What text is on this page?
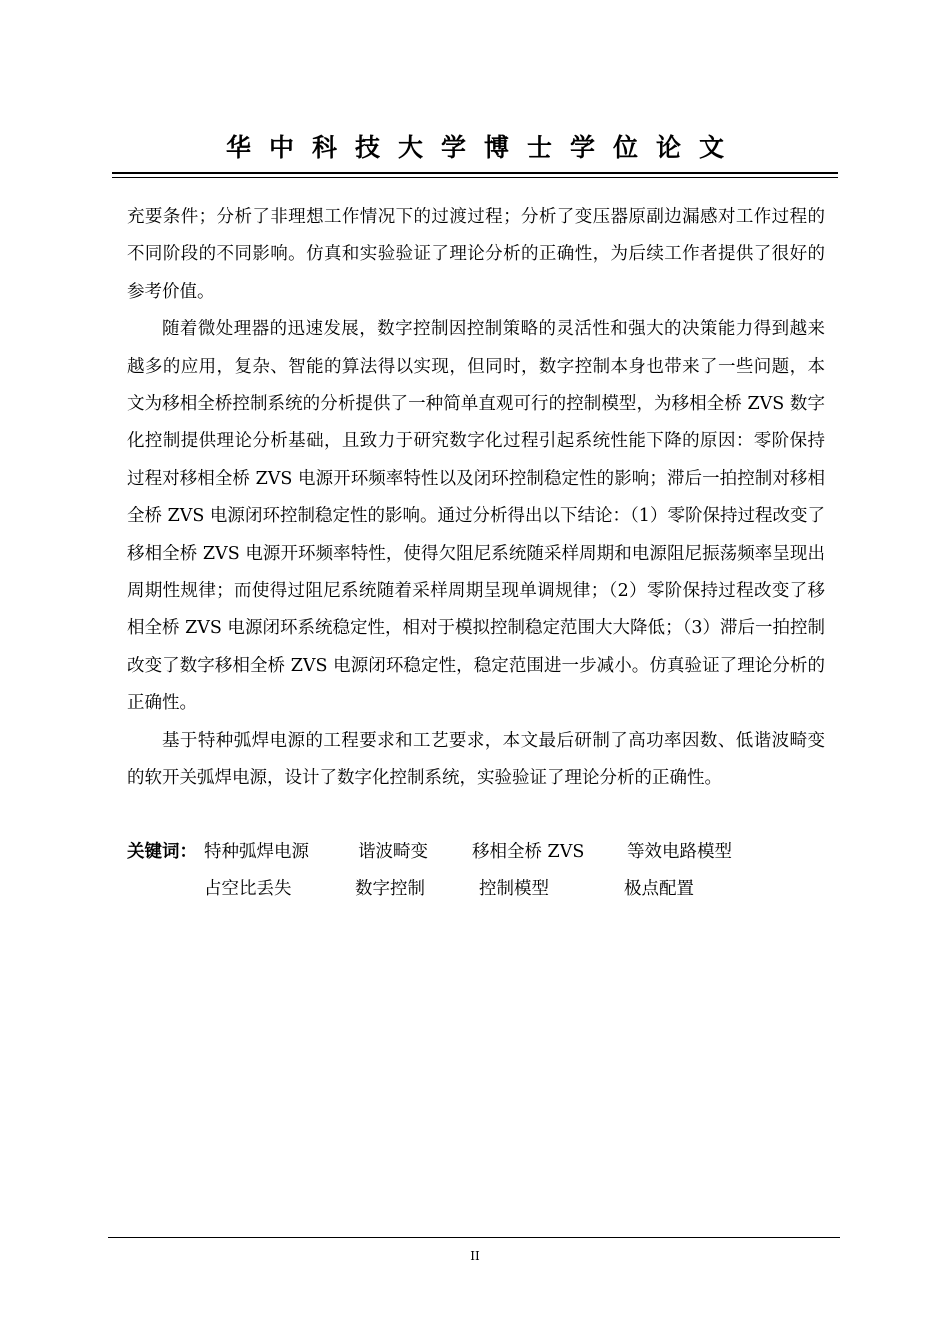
华中科技大学博士学位论文

充要条件；分析了非理想工作情况下的过渡过程；分析了变压器原副边漏感对工作过程的不同阶段的不同影响。仿真和实验验证了理论分析的正确性，为后续工作者提供了很好的参考价值。

随着微处理器的迅速发展，数字控制因控制策略的灵活性和强大的决策能力得到越来越多的应用，复杂、智能的算法得以实现，但同时，数字控制本身也带来了一些问题，本文为移相全桥控制系统的分析提供了一种简单直观可行的控制模型，为移相全桥 ZVS 数字化控制提供理论分析基础，且致力于研究数字化过程引起系统性能下降的原因：零阶保持过程对移相全桥 ZVS 电源开环频率特性以及闭环控制稳定性的影响；滞后一拍控制对移相全桥 ZVS 电源闭环控制稳定性的影响。通过分析得出以下结论：（1）零阶保持过程改变了移相全桥 ZVS 电源开环频率特性，使得欠阻尼系统随采样周期和电源阻尼振荡频率呈现出周期性规律；而使得过阻尼系统随着采样周期呈现单调规律；（2）零阶保持过程改变了移相全桥 ZVS 电源闭环系统稳定性，相对于模拟控制稳定范围大大降低；（3）滞后一拍控制改变了数字移相全桥 ZVS 电源闭环稳定性，稳定范围进一步减小。仿真验证了理论分析的正确性。

基于特种弧焊电源的工程要求和工艺要求，本文最后研制了高功率因数、低谐波畸变的软开关弧焊电源，设计了数字化控制系统，实验验证了理论分析的正确性。

关键词： 特种弧焊电源	谐波畸变	移相全桥 ZVS 等效电路模型
占空比丢失	数字控制	控制模型	极点配置
II
